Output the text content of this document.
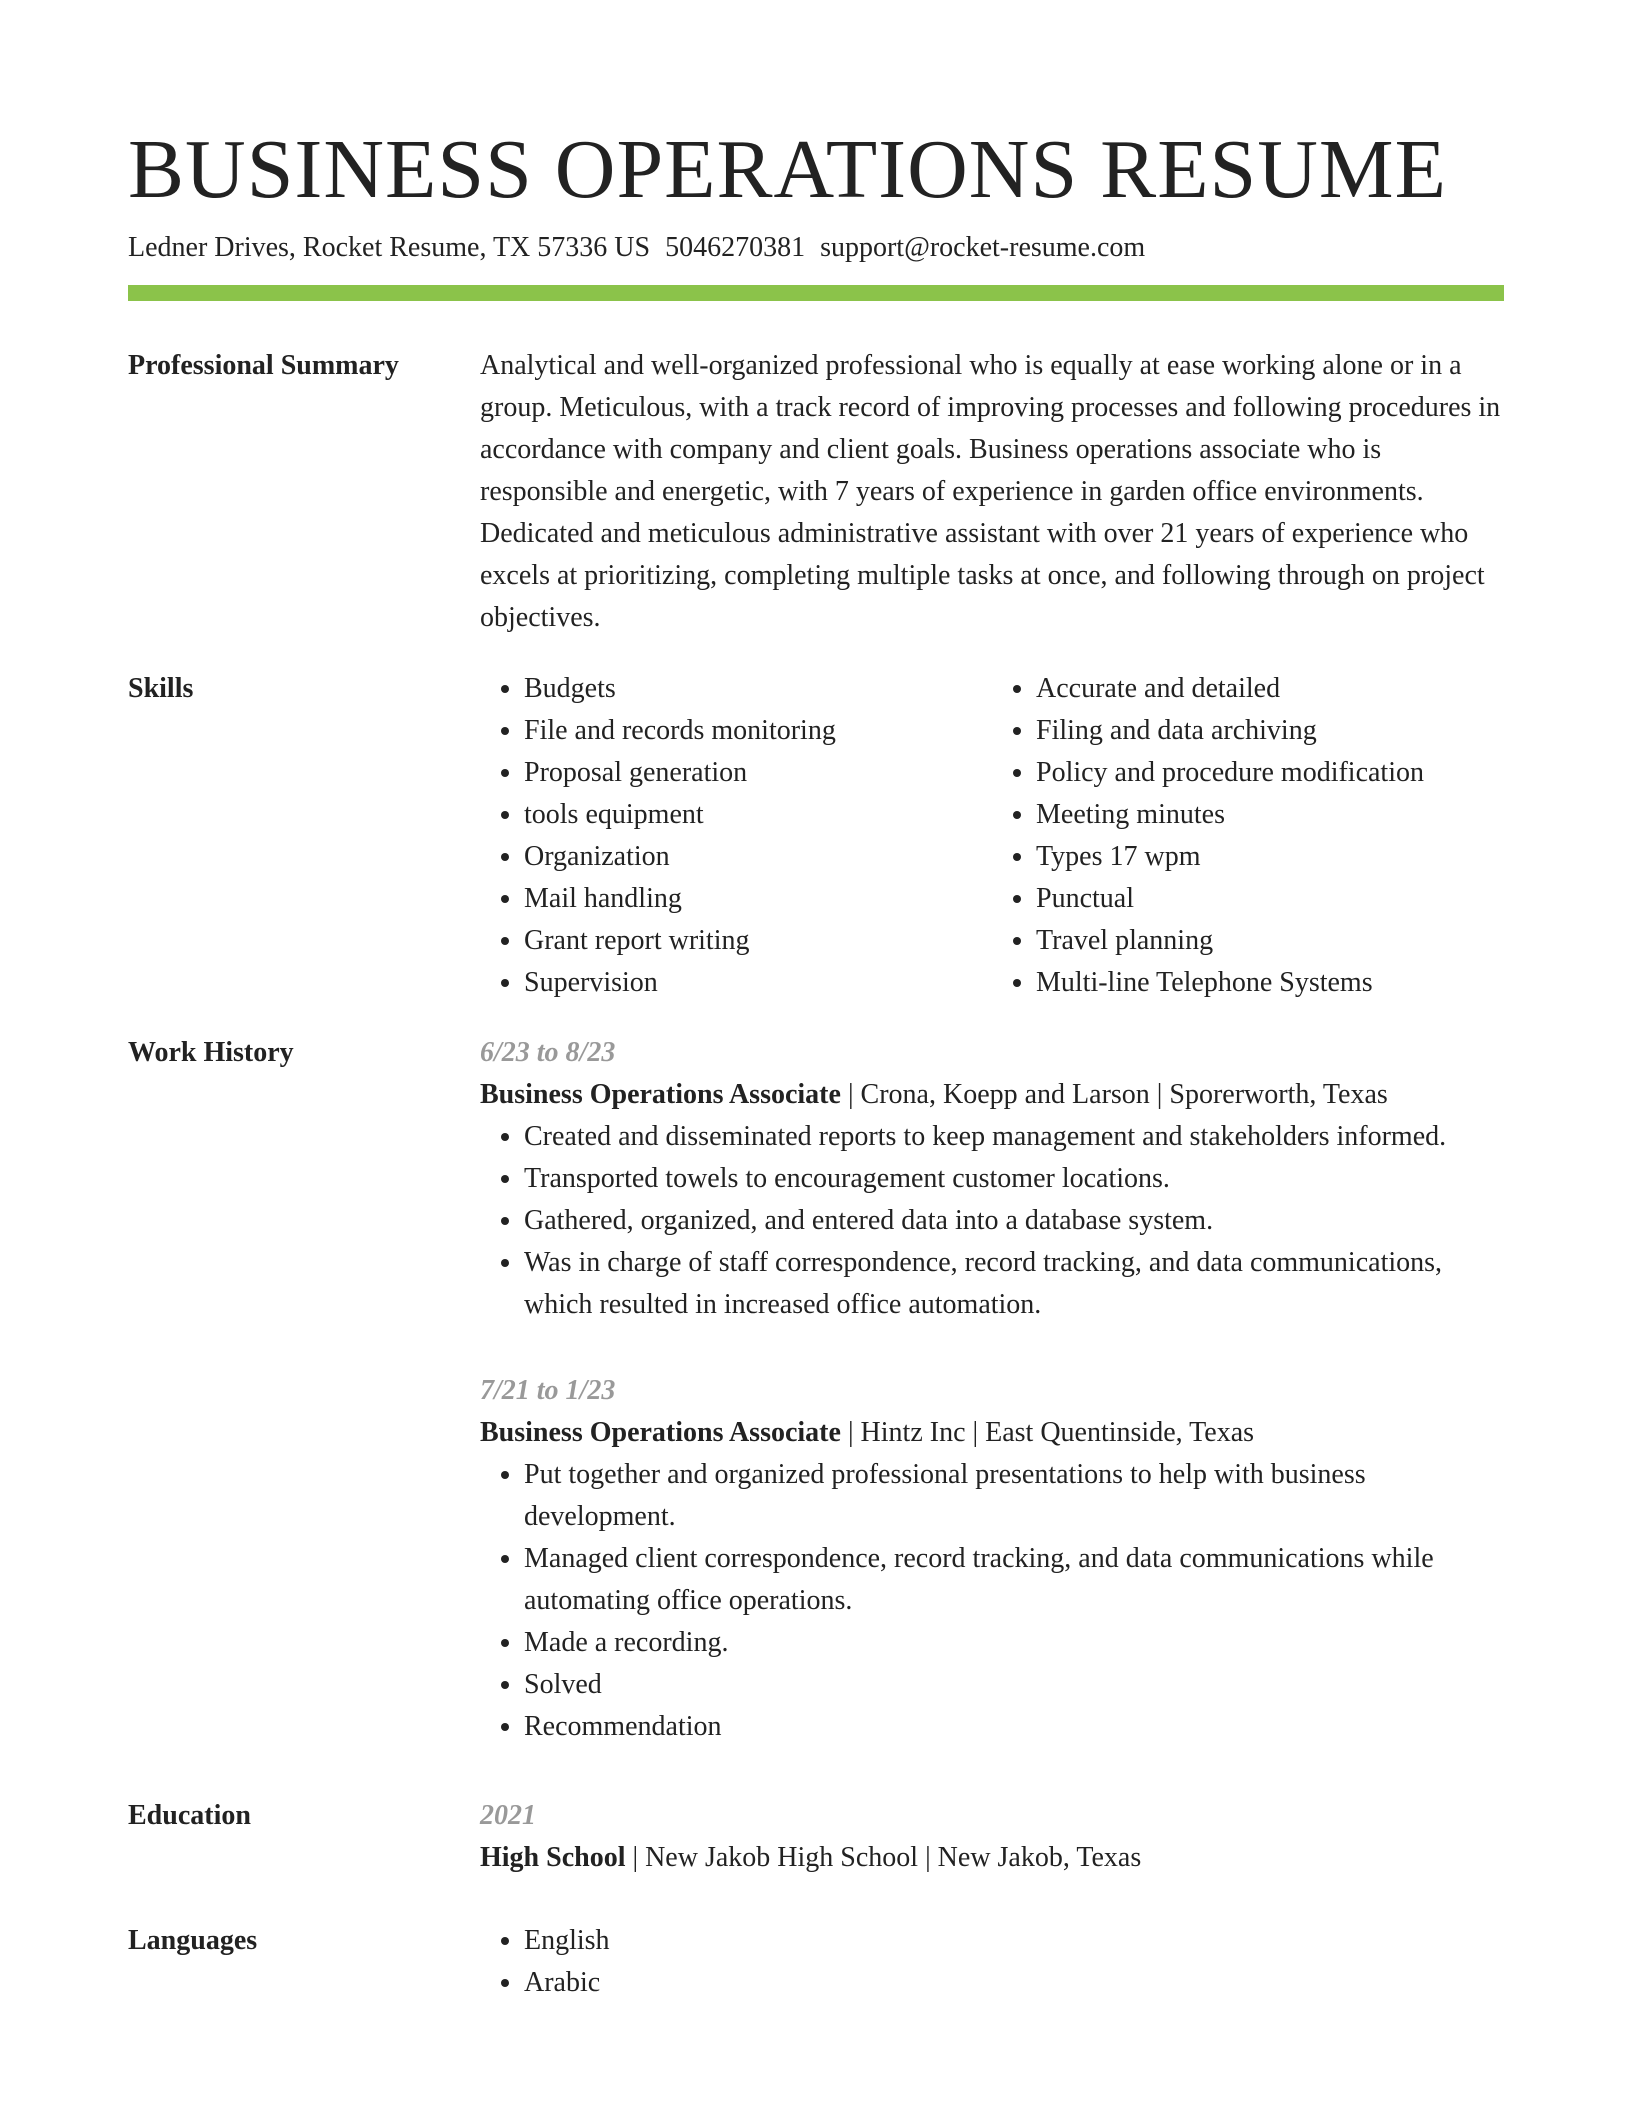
BUSINESS OPERATIONS RESUME
Ledner Drives, Rocket Resume, TX 57336 US 5046270381 support@rocket-resume.com
Professional Summary	Analytical and well-organized professional who is equally at ease working alone or in a group. Meticulous, with a track record of improving processes and following procedures in accordance with company and client goals. Business operations associate who is responsible and energetic, with 7 years of experience in garden office environments. Dedicated and meticulous administrative assistant with over 21 years of experience who excels at prioritizing, completing multiple tasks at once, and following through on project objectives.

Skills	• Budgets
• File and records monitoring
• Proposal generation
• tools equipment
• Organization
• Mail handling
• Grant report writing
• Supervision
• Accurate and detailed
• Filing and data archiving
• Policy and procedure modification
• Meeting minutes
• Types 17 wpm
• Punctual
• Travel planning
• Multi-line Telephone Systems
Work History	6/23 to 8/23
Business Operations Associate | Crona, Koepp and Larson | Sporerworth, Texas
• Created and disseminated reports to keep management and stakeholders informed.
• Transported towels to encouragement customer locations.
• Gathered, organized, and entered data into a database system.
• Was in charge of staff correspondence, record tracking, and data communications, which resulted in increased office automation.
7/21 to 1/23
Business Operations Associate | Hintz Inc | East Quentinside, Texas
• Put together and organized professional presentations to help with business development.
• Managed client correspondence, record tracking, and data communications while automating office operations.
• Made a recording.
• Solved
• Recommendation
Education	2021
High School | New Jakob High School | New Jakob, Texas
Languages	• English
• Arabic
